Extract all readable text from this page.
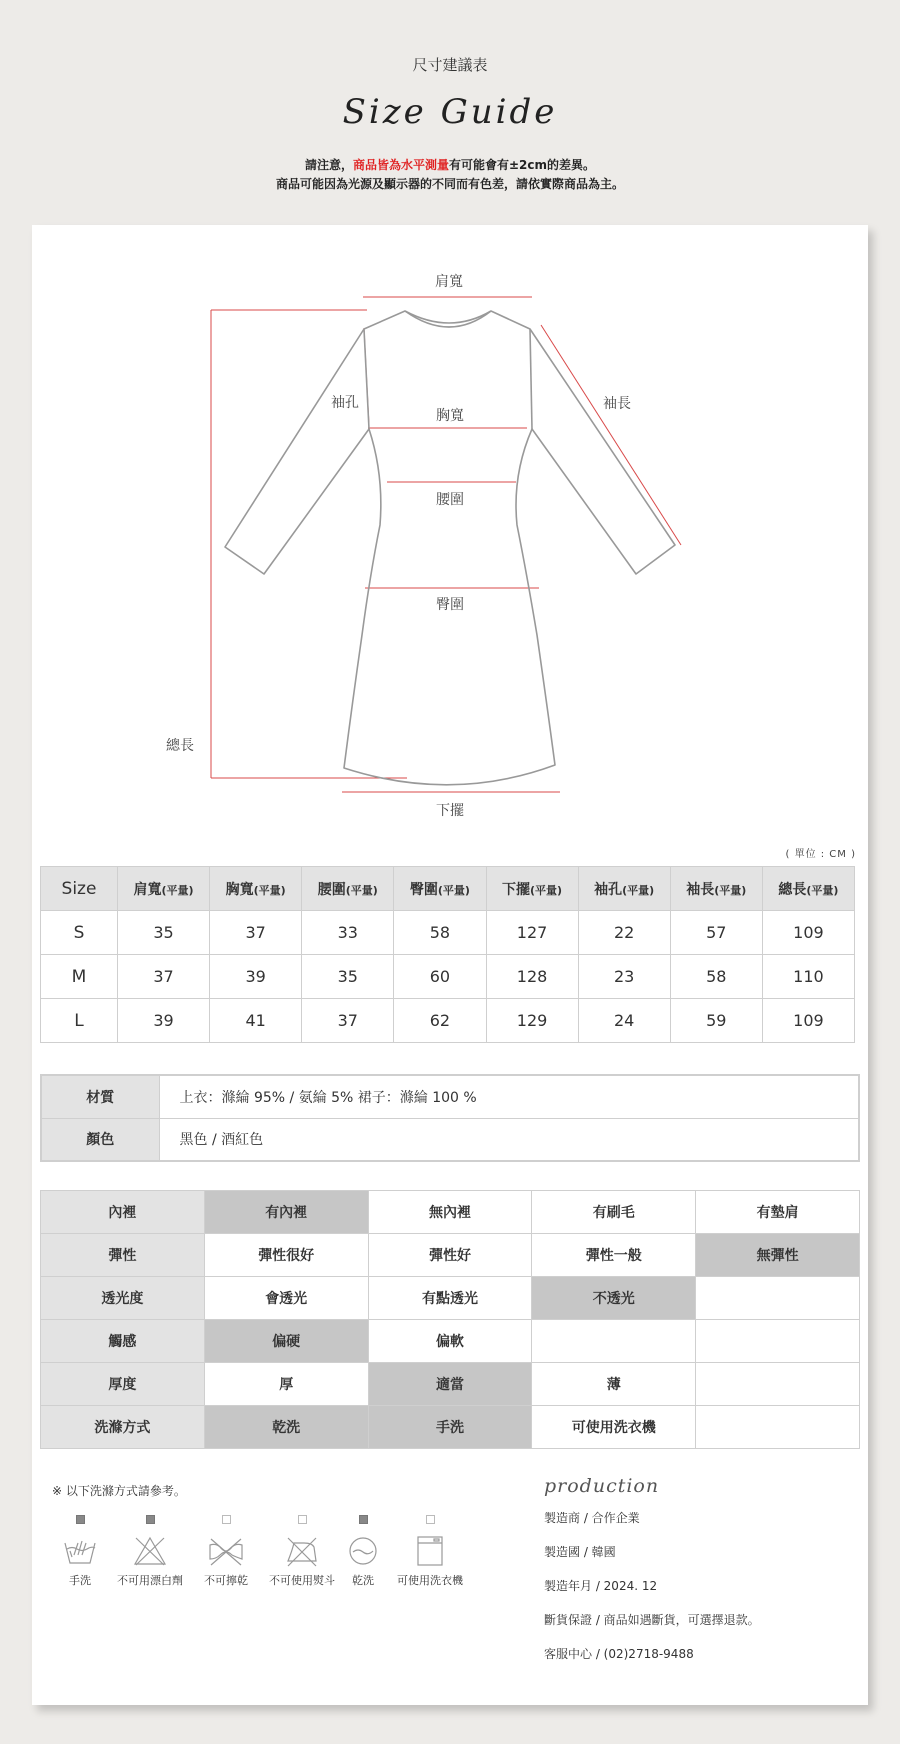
尺寸建議表
Size Guide
請注意，商品皆為水平測量有可能會有±2cm的差異。
商品可能因為光源及顯示器的不同而有色差，請依實際商品為主。
肩寬
袖孔
胸寬
袖長
腰圍
臀圍
總長
下擺
( 單位 : CM )
Size	肩寬(平量)	胸寬(平量)	腰圍(平量)	臀圍(平量)	下擺(平量)	袖孔(平量)	袖長(平量)	總長(平量)
S	35	37	33	58	127	22	57	109
M	37	39	35	60	128	23	58	110
L	39	41	37	62	129	24	59	109
材質	上衣：滌綸 95% / 氨綸 5% 裙子：滌綸 100 %
顏色	黑色 / 酒紅色
內裡	有內裡	無內裡	有刷毛	有墊肩
彈性	彈性很好	彈性好	彈性一般	無彈性
透光度	會透光	有點透光	不透光	
觸感	偏硬	偏軟		
厚度	厚	適當	薄	
洗滌方式	乾洗	手洗	可使用洗衣機	
※ 以下洗滌方式請參考。
手洗	不可用漂白劑	不可擰乾	不可使用熨斗	乾洗	可使用洗衣機
production
製造商 / 合作企業
製造國 / 韓國
製造年月 / 2024. 12
斷貨保證 / 商品如遇斷貨，可選擇退款。
客服中心 / (02)2718-9488
